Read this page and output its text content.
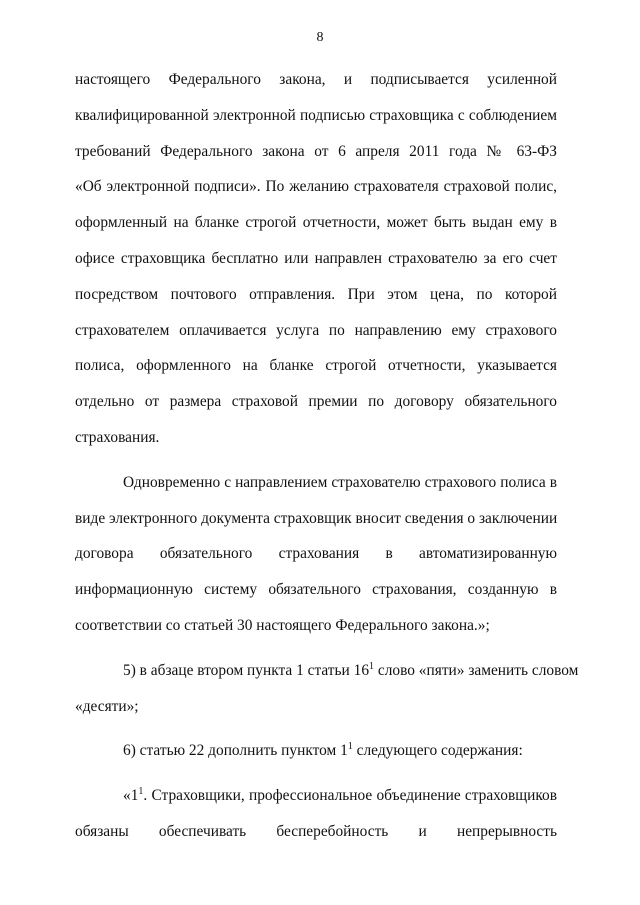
8
настоящего Федерального закона, и подписывается усиленной
квалифицированной электронной подписью страховщика с соблюдением
требований Федерального закона от 6 апреля 2011 года № 63-ФЗ
«Об электронной подписи». По желанию страхователя страховой полис,
оформленный на бланке строгой отчетности, может быть выдан ему в
офисе страховщика бесплатно или направлен страхователю за его счет
посредством почтового отправления. При этом цена, по которой
страхователем оплачивается услуга по направлению ему страхового
полиса, оформленного на бланке строгой отчетности, указывается
отдельно от размера страховой премии по договору обязательного
страхования.
Одновременно с направлением страхователю страхового полиса в
виде электронного документа страховщик вносит сведения о заключении
договора обязательного страхования в автоматизированную
информационную систему обязательного страхования, созданную в
соответствии со статьей 30 настоящего Федерального закона.»;
5) в абзаце втором пункта 1 статьи $16^1$ слово «пяти» заменить словом
«десяти»;
6) статью 22 дополнить пунктом $1^1$ следующего содержания:
«$1^1$. Страховщики, профессиональное объединение страховщиков
обязаны обеспечивать бесперебойность и непрерывность
